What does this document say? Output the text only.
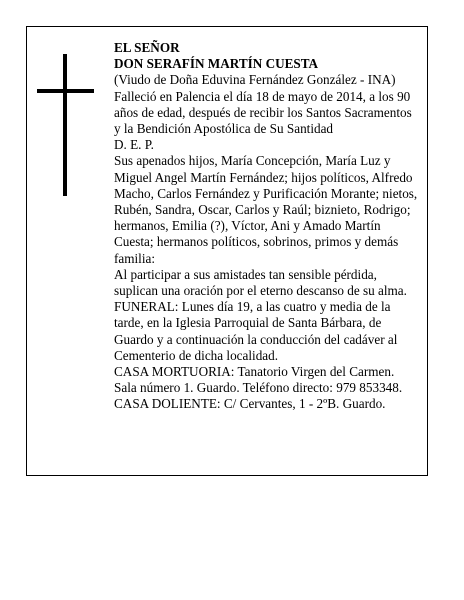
EL SEÑOR

DON SERAFÍN MARTÍN CUESTA

(Viudo de Doña Eduvina Fernández González - INA)

Falleció en Palencia el día 18 de mayo de 2014, a los 90 años de edad, después de recibir los Santos Sacramentos y la Bendición Apostólica de Su Santidad

D. E. P.

Sus apenados hijos, María Concepción, María Luz y Miguel Angel Martín Fernández; hijos políticos, Alfredo Macho, Carlos Fernández y Purificación Morante; nietos, Rubén, Sandra, Oscar, Carlos y Raúl; biznieto, Rodrigo; hermanos, Emilia (?), Víctor, Ani y Amado Martín Cuesta; hermanos políticos, sobrinos, primos y demás familia:

Al participar a sus amistades tan sensible pérdida, suplican una oración por el eterno descanso de su alma.

FUNERAL: Lunes día 19, a las cuatro y media de la tarde, en la Iglesia Parroquial de Santa Bárbara, de Guardo y a continuación la conducción del cadáver al Cementerio de dicha localidad.

CASA MORTUORIA: Tanatorio Virgen del Carmen. Sala número 1. Guardo. Teléfono directo: 979 853348.

CASA DOLIENTE: C/ Cervantes, 1 - 2ºB. Guardo.
